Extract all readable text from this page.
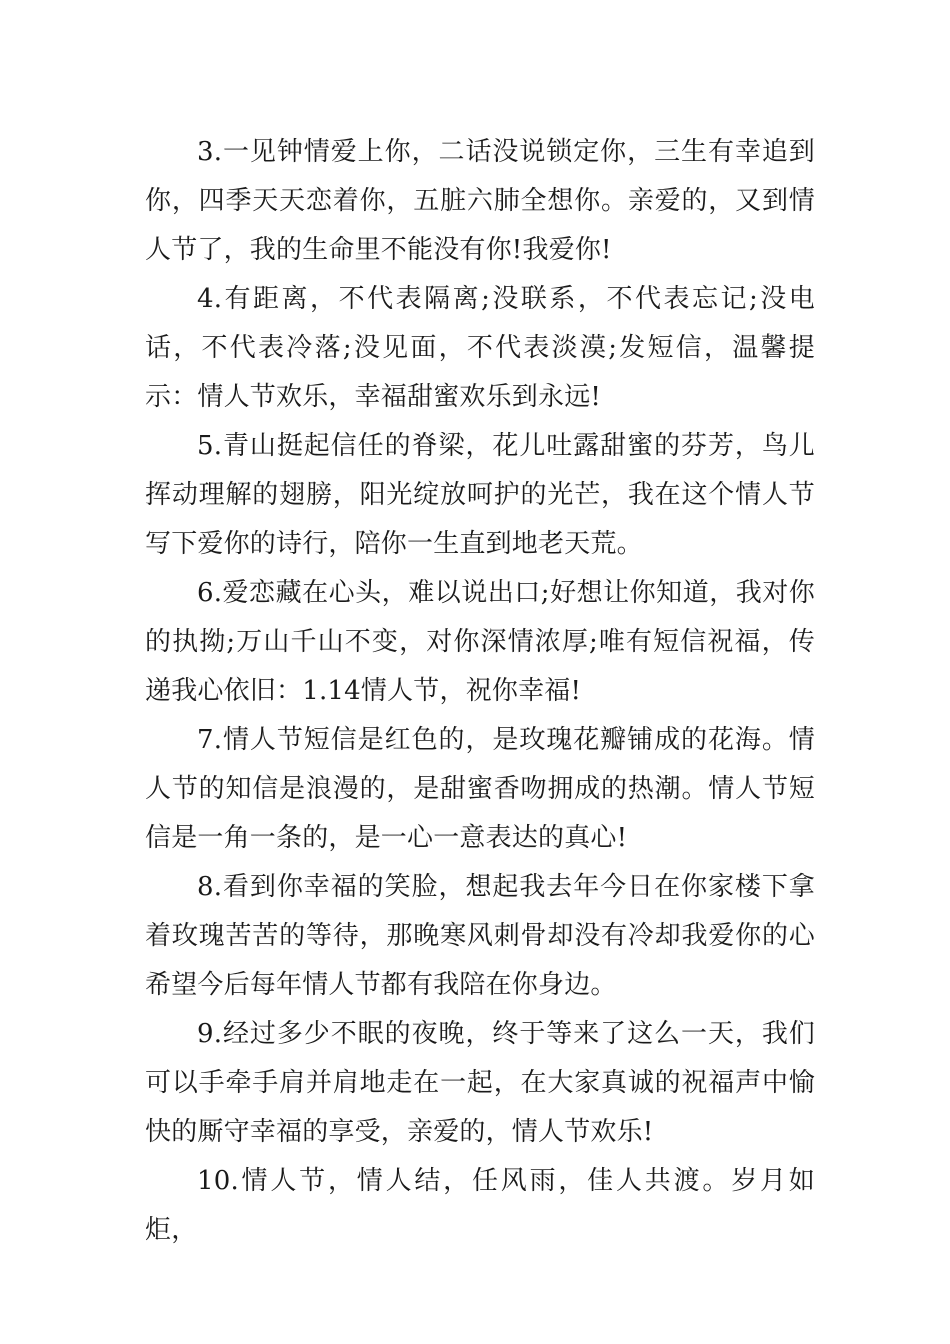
3.一见钟情爱上你，二话没说锁定你，三生有幸追到你，四季天天恋着你，五脏六肺全想你。亲爱的，又到情人节了，我的生命里不能没有你!我爱你!

4.有距离，不代表隔离;没联系，不代表忘记;没电话，不代表冷落;没见面，不代表淡漠;发短信，温馨提示：情人节欢乐，幸福甜蜜欢乐到永远!

5.青山挺起信任的脊梁，花儿吐露甜蜜的芬芳，鸟儿挥动理解的翅膀，阳光绽放呵护的光芒，我在这个情人节写下爱你的诗行，陪你一生直到地老天荒。

6.爱恋藏在心头，难以说出口;好想让你知道，我对你的执拗;万山千山不变，对你深情浓厚;唯有短信祝福，传递我心依旧：1.14情人节，祝你幸福!

7.情人节短信是红色的，是玫瑰花瓣铺成的花海。情人节的知信是浪漫的，是甜蜜香吻拥成的热潮。情人节短信是一角一条的，是一心一意表达的真心!

8.看到你幸福的笑脸，想起我去年今日在你家楼下拿着玫瑰苦苦的等待，那晚寒风刺骨却没有冷却我爱你的心希望今后每年情人节都有我陪在你身边。

9.经过多少不眠的夜晚，终于等来了这么一天，我们可以手牵手肩并肩地走在一起，在大家真诚的祝福声中愉快的厮守幸福的享受，亲爱的，情人节欢乐!

10.情人节，情人结，任风雨，佳人共渡。岁月如炬，
